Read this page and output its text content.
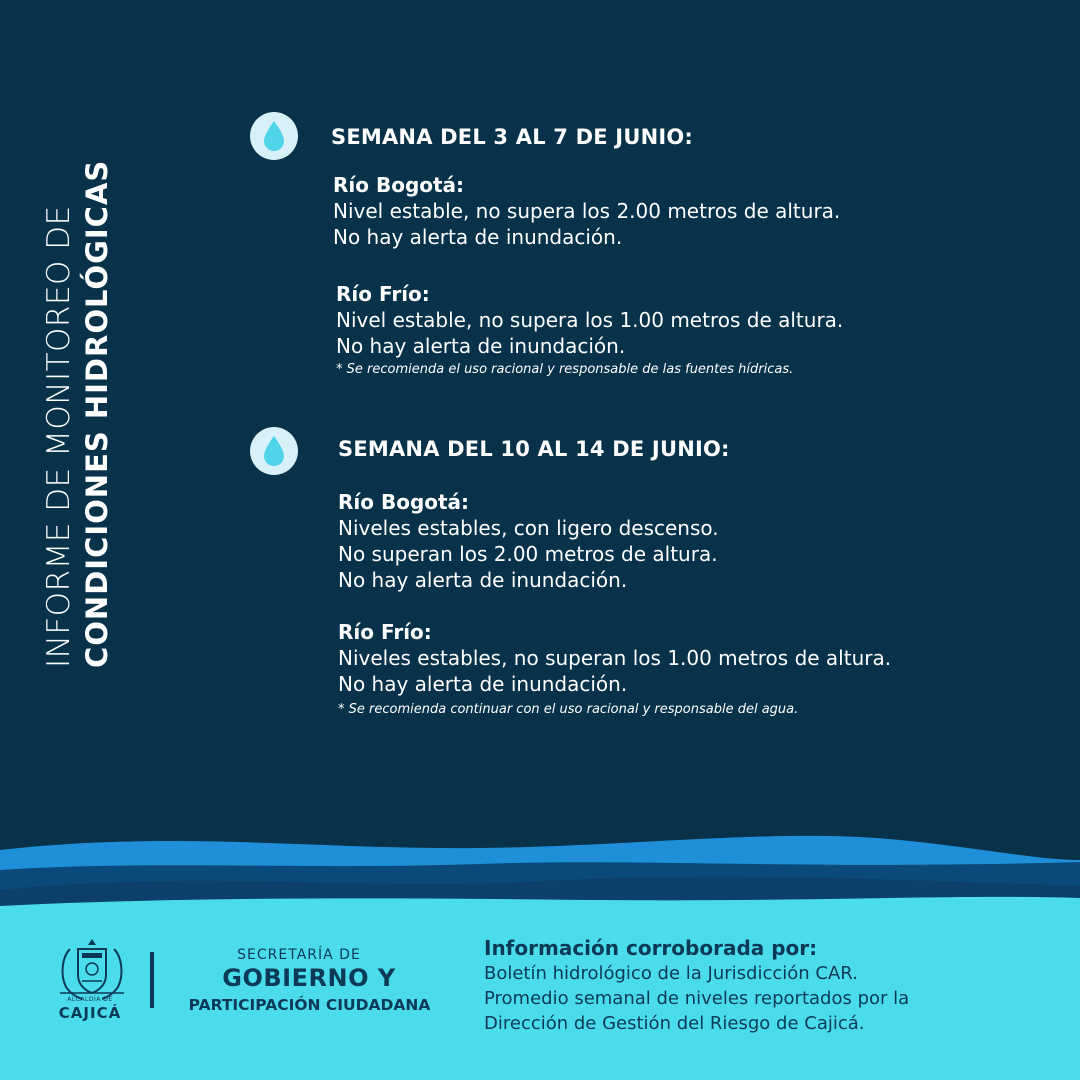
INFORME DE MONITOREO DE CONDICIONES HIDROLÓGICAS
SEMANA DEL 3 AL 7 DE JUNIO:
Río Bogotá:
Nivel estable, no supera los 2.00 metros de altura.
No hay alerta de inundación.
Río Frío:
Nivel estable, no supera los 1.00 metros de altura.
No hay alerta de inundación.
* Se recomienda el uso racional y responsable de las fuentes hídricas.
SEMANA DEL 10 AL 14 DE JUNIO:
Río Bogotá:
Niveles estables, con ligero descenso.
No superan los 2.00 metros de altura.
No hay alerta de inundación.
Río Frío:
Niveles estables, no superan los 1.00 metros de altura.
No hay alerta de inundación.
* Se recomienda continuar con el uso racional y responsable del agua.
ALCALDÍA DE
CAJICÁ
SECRETARÍA DE
GOBIERNO Y
PARTICIPACIÓN CIUDADANA
Información corroborada por:
Boletín hidrológico de la Jurisdicción CAR.
Promedio semanal de niveles reportados por la
Dirección de Gestión del Riesgo de Cajicá.
